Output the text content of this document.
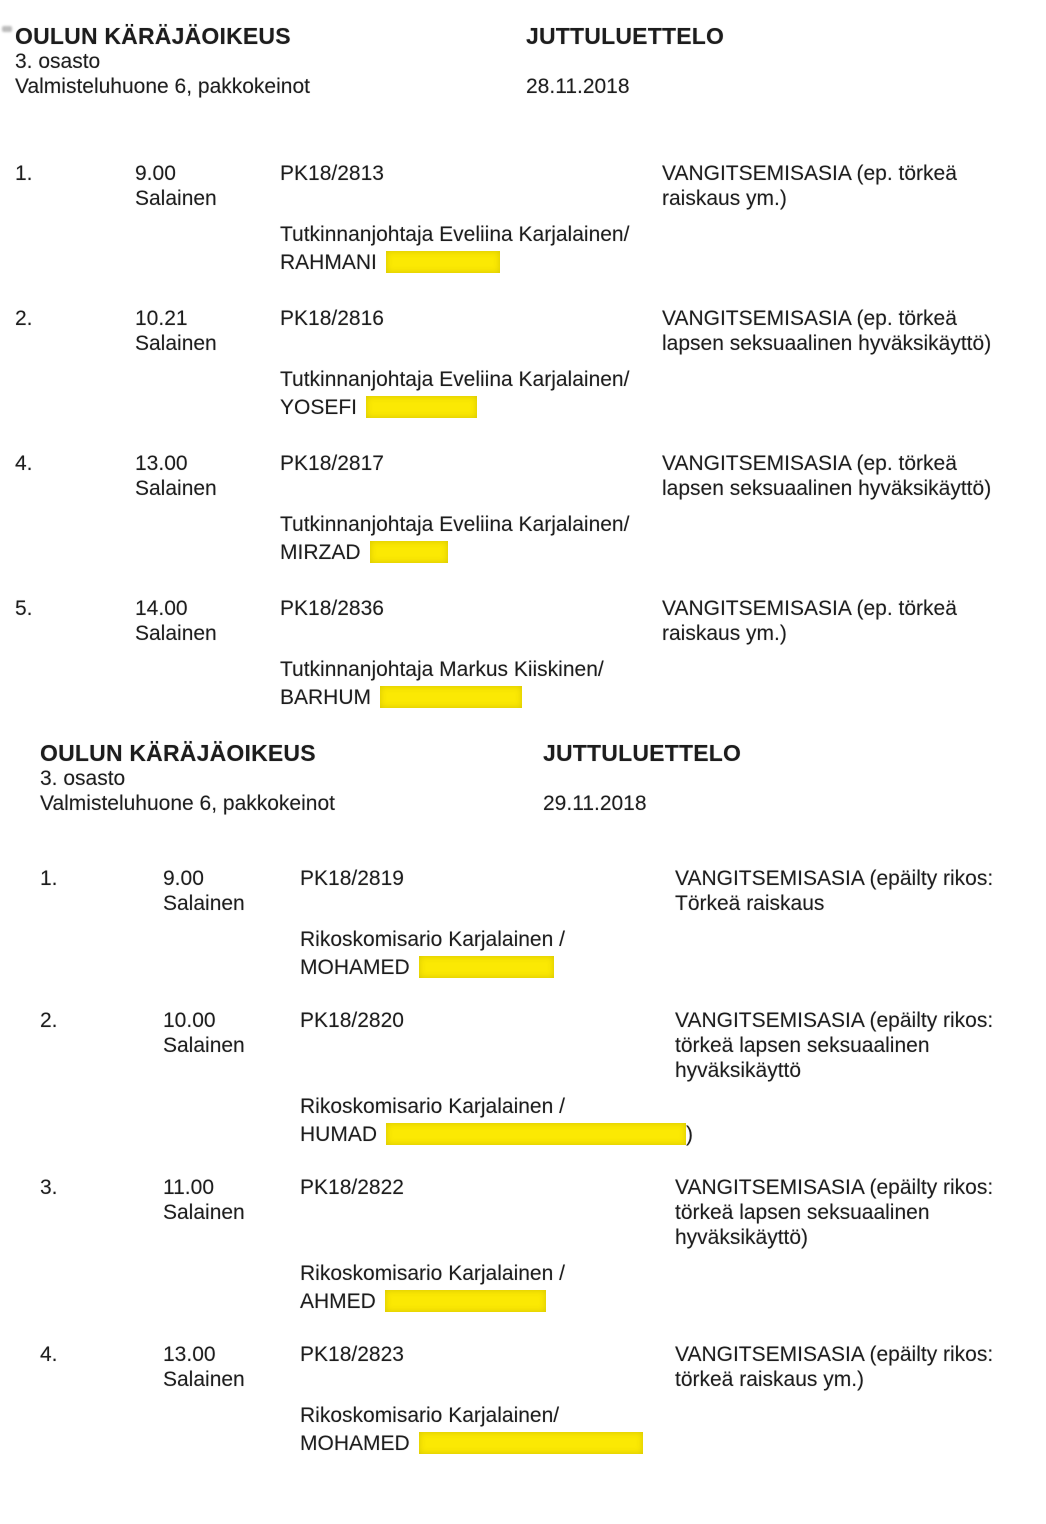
OULUN KÄRÄJÄOIKEUS
3. osasto
Valmisteluhuone 6, pakkokeinot
JUTTULUETTELO
28.11.2018
1.	9.00
Salainen
PK18/2813	VANGITSEMISASIA (ep. törkeä
raiskaus ym.)
Tutkinnanjohtaja Eveliina Karjalainen/
RAHMANI
2.	10.21
Salainen
PK18/2816	VANGITSEMISASIA (ep. törkeä
lapsen seksuaalinen hyväksikäyttö)
Tutkinnanjohtaja Eveliina Karjalainen/
YOSEFI
4.	13.00
Salainen
PK18/2817	VANGITSEMISASIA (ep. törkeä
lapsen seksuaalinen hyväksikäyttö)
Tutkinnanjohtaja Eveliina Karjalainen/
MIRZAD
5.	14.00
Salainen
PK18/2836	VANGITSEMISASIA (ep. törkeä
raiskaus ym.)
Tutkinnanjohtaja Markus Kiiskinen/
BARHUM
OULUN KÄRÄJÄOIKEUS
3. osasto
Valmisteluhuone 6, pakkokeinot
JUTTULUETTELO
29.11.2018
1.	9.00
Salainen
PK18/2819	VANGITSEMISASIA (epäilty rikos:
Törkeä raiskaus
Rikoskomisario Karjalainen /
MOHAMED
2.	10.00
Salainen
PK18/2820	VANGITSEMISASIA (epäilty rikos:
törkeä lapsen seksuaalinen
hyväksikäyttö
Rikoskomisario Karjalainen /
HUMAD	)
3.	11.00
Salainen
PK18/2822	VANGITSEMISASIA (epäilty rikos:
törkeä lapsen seksuaalinen
hyväksikäyttö)
Rikoskomisario Karjalainen /
AHMED
4.	13.00
Salainen
PK18/2823	VANGITSEMISASIA (epäilty rikos:
törkeä raiskaus ym.)
Rikoskomisario Karjalainen/
MOHAMED
